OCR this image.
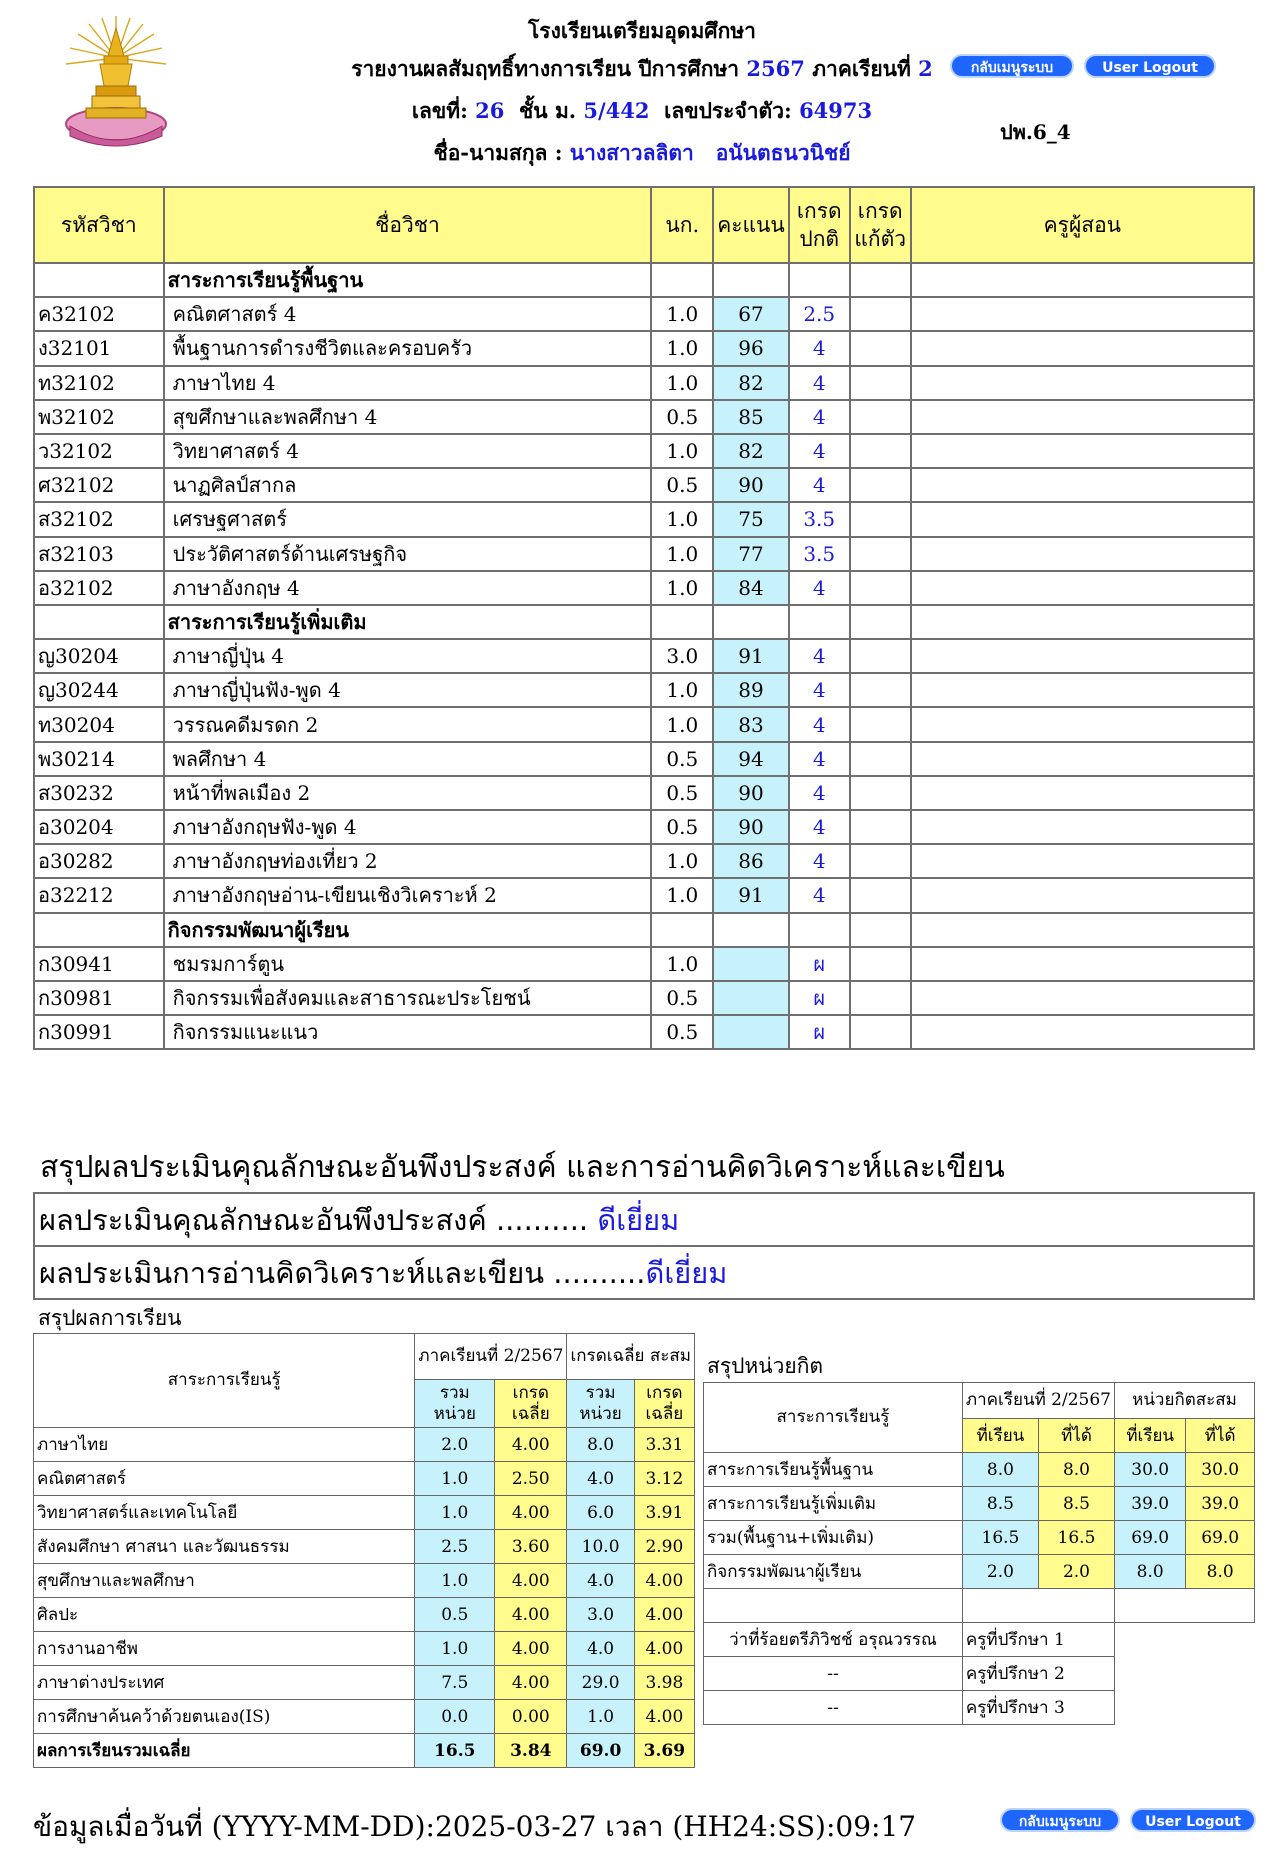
โรงเรียนเตรียมอุดมศึกษา
รายงานผลสัมฤทธิ์ทางการเรียน ปีการศึกษา 2567 ภาคเรียนที่ 2
เลขที่: 26 ชั้น ม. 5/442 เลขประจำตัว: 64973
ชื่อ-นามสกุล : นางสาวลลิตา   อนันตธนวนิชย์
กลับเมนูระบบ	User Logout
ปพ.6_4
รหัสวิชา	ชื่อวิชา	นก.	คะแนน	เกรด ปกติ	เกรด แก้ตัว	ครูผู้สอน
	สาระการเรียนรู้พื้นฐาน					
ค32102	คณิตศาสตร์ 4	1.0	67	2.5		
ง32101	พื้นฐานการดำรงชีวิตและครอบครัว	1.0	96	4		
ท32102	ภาษาไทย 4	1.0	82	4		
พ32102	สุขศึกษาและพลศึกษา 4	0.5	85	4		
ว32102	วิทยาศาสตร์ 4	1.0	82	4		
ศ32102	นาฏศิลป์สากล	0.5	90	4		
ส32102	เศรษฐศาสตร์	1.0	75	3.5		
ส32103	ประวัติศาสตร์ด้านเศรษฐกิจ	1.0	77	3.5		
อ32102	ภาษาอังกฤษ 4	1.0	84	4		
	สาระการเรียนรู้เพิ่มเติม					
ญ30204	ภาษาญี่ปุ่น 4	3.0	91	4		
ญ30244	ภาษาญี่ปุ่นฟัง-พูด 4	1.0	89	4		
ท30204	วรรณคดีมรดก 2	1.0	83	4		
พ30214	พลศึกษา 4	0.5	94	4		
ส30232	หน้าที่พลเมือง 2	0.5	90	4		
อ30204	ภาษาอังกฤษฟัง-พูด 4	0.5	90	4		
อ30282	ภาษาอังกฤษท่องเที่ยว 2	1.0	86	4		
อ32212	ภาษาอังกฤษอ่าน-เขียนเชิงวิเคราะห์ 2	1.0	91	4		
	กิจกรรมพัฒนาผู้เรียน					
ก30941	ชมรมการ์ตูน	1.0		ผ		
ก30981	กิจกรรมเพื่อสังคมและสาธารณะประโยชน์	0.5		ผ		
ก30991	กิจกรรมแนะแนว	0.5		ผ		
สรุปผลประเมินคุณลักษณะอันพึงประสงค์ และการอ่านคิดวิเคราะห์และเขียน
ผลประเมินคุณลักษณะอันพึงประสงค์ .......... ดีเยี่ยม
ผลประเมินการอ่านคิดวิเคราะห์และเขียน ..........ดีเยี่ยม
สรุปผลการเรียน
สาระการเรียนรู้	ภาคเรียนที่ 2/2567		เกรดเฉลี่ย สะสม	
	รวม หน่วย	เกรด เฉลี่ย	รวม หน่วย	เกรด เฉลี่ย
ภาษาไทย	2.0	4.00	8.0	3.31
คณิตศาสตร์	1.0	2.50	4.0	3.12
วิทยาศาสตร์และเทคโนโลยี	1.0	4.00	6.0	3.91
สังคมศึกษา ศาสนา และวัฒนธรรม	2.5	3.60	10.0	2.90
สุขศึกษาและพลศึกษา	1.0	4.00	4.0	4.00
ศิลปะ	0.5	4.00	3.0	4.00
การงานอาชีพ	1.0	4.00	4.0	4.00
ภาษาต่างประเทศ	7.5	4.00	29.0	3.98
การศึกษาค้นคว้าด้วยตนเอง(IS)	0.0	0.00	1.0	4.00
ผลการเรียนรวมเฉลี่ย	16.5	3.84	69.0	3.69
สรุปหน่วยกิต
สาระการเรียนรู้	ภาคเรียนที่ 2/2567		หน่วยกิตสะสม	
	ที่เรียน	ที่ได้	ที่เรียน	ที่ได้
สาระการเรียนรู้พื้นฐาน	8.0	8.0	30.0	30.0
สาระการเรียนรู้เพิ่มเติม	8.5	8.5	39.0	39.0
รวม(พื้นฐาน+เพิ่มเติม)	16.5	16.5	69.0	69.0
กิจกรรมพัฒนาผู้เรียน	2.0	2.0	8.0	8.0

ว่าที่ร้อยตรีภิวิชช์ อรุณวรรณ	ครูที่ปรึกษา 1			
--	ครูที่ปรึกษา 2			
--	ครูที่ปรึกษา 3			
ข้อมูลเมื่อวันที่ (YYYY-MM-DD):2025-03-27 เวลา (HH24:SS):09:17	กลับเมนูระบบ	User Logout
